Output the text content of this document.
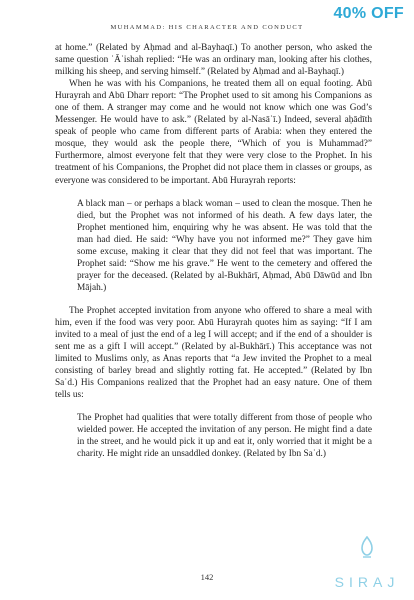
MUHAMMAD: HIS CHARACTER AND CONDUCT
40% OFF

at home.” (Related by Aḥmad and al-Bayhaqī.) To another person, who asked the same question ʿĀʾishah replied: “He was an ordinary man, looking after his clothes, milking his sheep, and serving himself.” (Related by Aḥmad and al-Bayhaqī.)

When he was with his Companions, he treated them all on equal footing. Abū Hurayrah and Abū Dharr report: “The Prophet used to sit among his Companions as one of them. A stranger may come and he would not know which one was God’s Messenger. He would have to ask.” (Related by al-Nasāʾī.) Indeed, several aḥādīth speak of people who came from different parts of Arabia: when they entered the mosque, they would ask the people there, “Which of you is Muhammad?” Furthermore, almost everyone felt that they were very close to the Prophet. In his treatment of his Companions, the Prophet did not place them in classes or groups, as everyone was considered to be important. Abū Hurayrah reports:

A black man – or perhaps a black woman – used to clean the mosque. Then he died, but the Prophet was not informed of his death. A few days later, the Prophet mentioned him, enquiring why he was absent. He was told that the man had died. He said: “Why have you not informed me?” They gave him some excuse, making it clear that they did not feel that was important. The Prophet said: “Show me his grave.” He went to the cemetery and offered the prayer for the deceased. (Related by al-Bukhārī, Aḥmad, Abū Dāwūd and Ibn Mājah.)

The Prophet accepted invitation from anyone who offered to share a meal with him, even if the food was very poor. Abū Hurayrah quotes him as saying: “If I am invited to a meal of just the end of a leg I will accept; and if the end of a shoulder is sent me as a gift I will accept.” (Related by al-Bukhārī.) This acceptance was not limited to Muslims only, as Anas reports that “a Jew invited the Prophet to a meal consisting of barley bread and slightly rotting fat. He accepted.” (Related by Ibn Saʿd.) His Companions realized that the Prophet had an easy nature. One of them tells us:

The Prophet had qualities that were totally different from those of people who wielded power. He accepted the invitation of any person. He might find a date in the street, and he would pick it up and eat it, only worried that it might be a charity. He might ride an unsaddled donkey. (Related by Ibn Saʿd.)

142	SIRAJ
